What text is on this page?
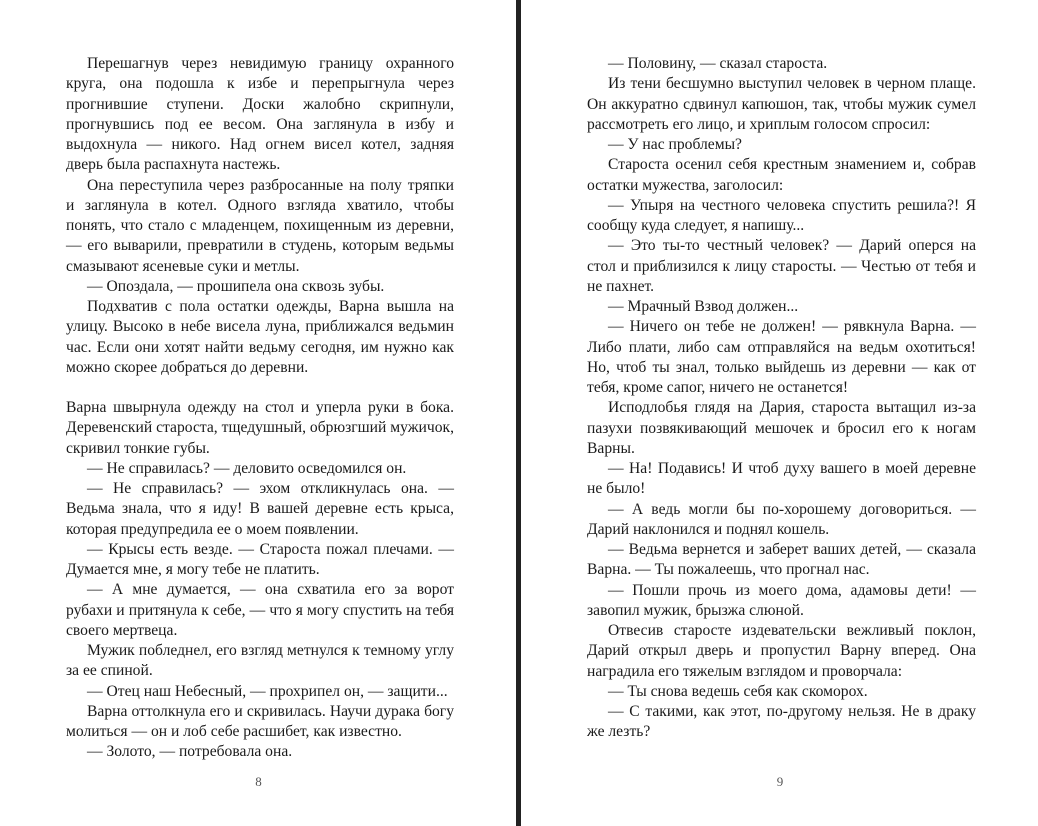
Перешагнув через невидимую границу охранного круга, она подошла к избе и перепрыгнула через прогнившие ступени. Доски жалобно скрипнули, прогнувшись под ее весом. Она заглянула в избу и выдохнула — никого. Над огнем висел котел, задняя дверь была распахнута настежь.

Она переступила через разбросанные на полу тряпки и заглянула в котел. Одного взгляда хватило, чтобы понять, что стало с младенцем, похищенным из деревни, — его выварили, превратили в студень, которым ведьмы смазывают ясеневые суки и метлы.

— Опоздала, — прошипела она сквозь зубы.

Подхватив с пола остатки одежды, Варна вышла на улицу. Высоко в небе висела луна, приближался ведьмин час. Если они хотят найти ведьму сегодня, им нужно как можно скорее добраться до деревни.

Варна швырнула одежду на стол и уперла руки в бока. Деревенский староста, тщедушный, обрюзгший мужичок, скривил тонкие губы.

— Не справилась? — деловито осведомился он.

— Не справилась? — эхом откликнулась она. — Ведьма знала, что я иду! В вашей деревне есть крыса, которая предупредила ее о моем появлении.

— Крысы есть везде. — Староста пожал плечами. — Думается мне, я могу тебе не платить.

— А мне думается, — она схватила его за ворот рубахи и притянула к себе, — что я могу спустить на тебя своего мертвеца.

Мужик побледнел, его взгляд метнулся к темному углу за ее спиной.

— Отец наш Небесный, — прохрипел он, — защити...

Варна оттолкнула его и скривилась. Научи дурака богу молиться — он и лоб себе расшибет, как известно.

— Золото, — потребовала она.

8

— Половину, — сказал староста.

Из тени бесшумно выступил человек в черном плаще. Он аккуратно сдвинул капюшон, так, чтобы мужик сумел рассмотреть его лицо, и хриплым голосом спросил:

— У нас проблемы?

Староста осенил себя крестным знамением и, собрав остатки мужества, заголосил:

— Упыря на честного человека спустить решила?! Я сообщу куда следует, я напишу...

— Это ты-то честный человек? — Дарий оперся на стол и приблизился к лицу старосты. — Честью от тебя и не пахнет.

— Мрачный Взвод должен...

— Ничего он тебе не должен! — рявкнула Варна. — Либо плати, либо сам отправляйся на ведьм охотиться! Но, чтоб ты знал, только выйдешь из деревни — как от тебя, кроме сапог, ничего не останется!

Исподлобья глядя на Дария, староста вытащил из-за пазухи позвякивающий мешочек и бросил его к ногам Варны.

— На! Подавись! И чтоб духу вашего в моей деревне не было!

— А ведь могли бы по-хорошему договориться. — Дарий наклонился и поднял кошель.

— Ведьма вернется и заберет ваших детей, — сказала Варна. — Ты пожалеешь, что прогнал нас.

— Пошли прочь из моего дома, адамовы дети! — завопил мужик, брызжа слюной.

Отвесив старосте издевательски вежливый поклон, Дарий открыл дверь и пропустил Варну вперед. Она наградила его тяжелым взглядом и проворчала:

— Ты снова ведешь себя как скоморох.

— С такими, как этот, по-другому нельзя. Не в драку же лезть?

9
